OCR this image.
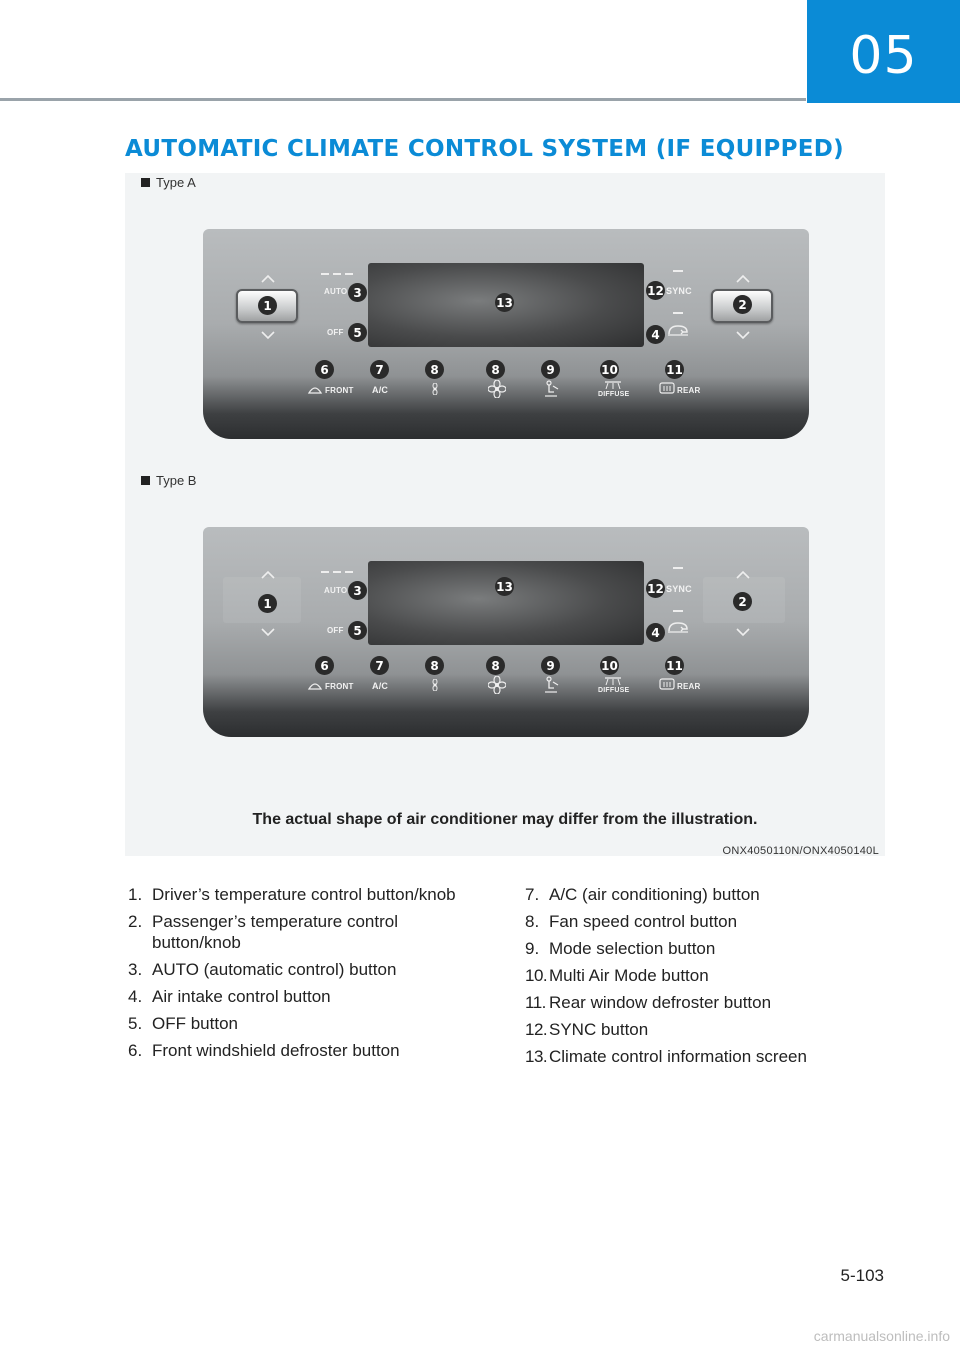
05
AUTOMATIC CLIMATE CONTROL SYSTEM (IF EQUIPPED)
Type A
1
AUTO 3
OFF 5
13
12 SYNC
4
2
6
FRONT
7
A/C
8	8	9	10
DIFFUSE
11
REAR
Type B
1
AUTO 3
OFF 5
13	12 SYNC
4
2
6
FRONT
7
A/C
8	8	9	10
DIFFUSE
11
REAR
The actual shape of air conditioner may differ from the illustration.
ONX4050110N/ONX4050140L
1. Driver’s temperature control button/knob
2. Passenger’s temperature control button/knob
3. AUTO (automatic control) button
4. Air intake control button
5. OFF button
6. Front windshield defroster button
7. A/C (air conditioning) button
8. Fan speed control button
9. Mode selection button
10. Multi Air Mode button
11. Rear window defroster button
12. SYNC button
13. Climate control information screen
5-103
carmanualsonline.info
